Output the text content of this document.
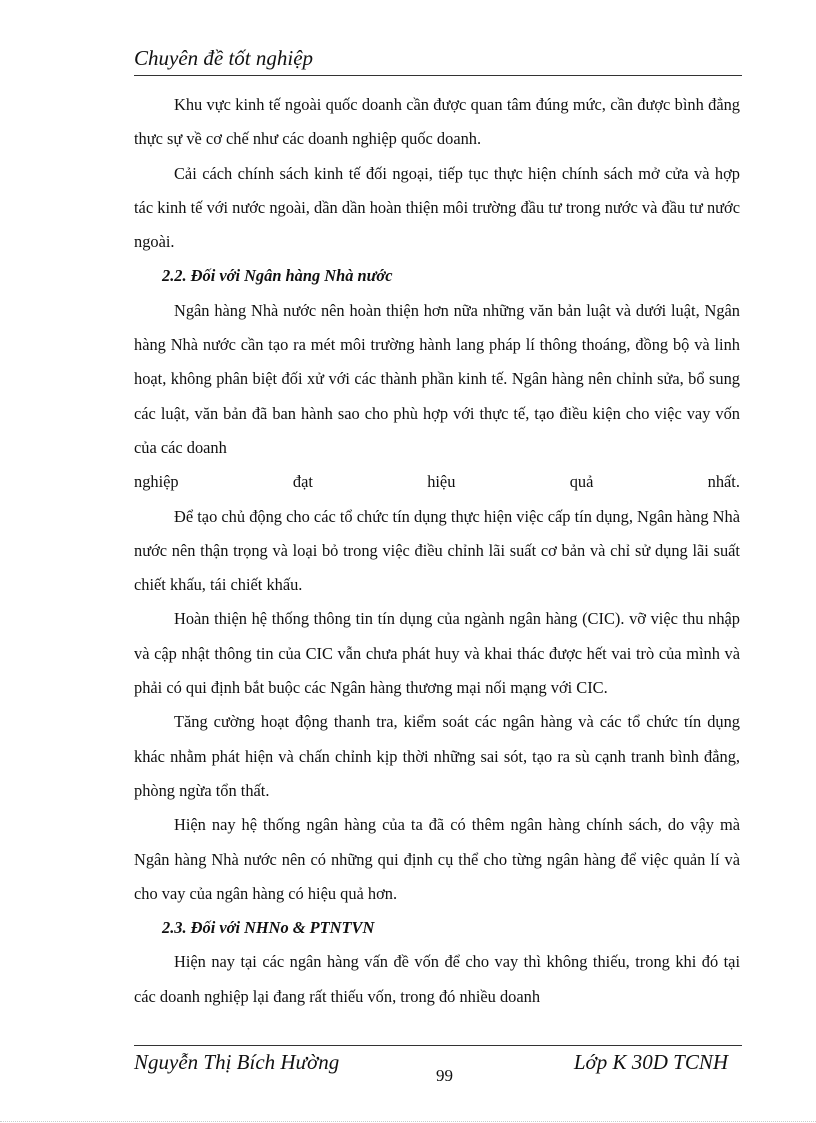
Chuyên đề tốt nghiệp

Khu vực kinh tế ngoài quốc doanh cần được quan tâm đúng mức, cần được bình đẳng thực sự về cơ chế như các doanh nghiệp quốc doanh.

Cải cách chính sách kinh tế đối ngoại, tiếp tục thực hiện chính sách mở cửa và hợp tác kinh tế với nước ngoài, dần dần hoàn thiện môi trường đầu tư trong nước và đầu tư nước ngoài.

2.2. Đối với Ngân hàng Nhà nước

Ngân hàng Nhà nước nên hoàn thiện hơn nữa những văn bản luật và dưới luật, Ngân hàng Nhà nước cần tạo ra mét môi trường hành lang pháp lí thông thoáng, đồng bộ và linh hoạt, không phân biệt đối xử với các thành phần kinh tế. Ngân hàng nên chỉnh sửa, bổ sung các luật, văn bản đã ban hành sao cho phù hợp với thực tế, tạo điều kiện cho việc vay vốn của các doanh

nghiệp	đạt	hiệu	quả	nhất.

Để tạo chủ động cho các tổ chức tín dụng thực hiện việc cấp tín dụng, Ngân hàng Nhà nước nên thận trọng và loại bỏ trong việc điều chỉnh lãi suất cơ bản và chỉ sử dụng lãi suất chiết khấu, tái chiết khấu.

Hoàn thiện hệ thống thông tin tín dụng của ngành ngân hàng (CIC). vỡ việc thu nhập và cập nhật thông tin của CIC vẫn chưa phát huy và khai thác được hết vai trò của mình và phải có qui định bắt buộc các Ngân hàng thương mại nối mạng với CIC.

Tăng cường hoạt động thanh tra, kiểm soát các ngân hàng và các tổ chức tín dụng khác nhằm phát hiện và chấn chỉnh kịp thời những sai sót, tạo ra sù cạnh tranh bình đẳng, phòng ngừa tổn thất.

Hiện nay hệ thống ngân hàng của ta đã có thêm ngân hàng chính sách, do vậy mà Ngân hàng Nhà nước nên có những qui định cụ thể cho từng ngân hàng để việc quản lí và cho vay của ngân hàng có hiệu quả hơn.

2.3. Đối với NHNo & PTNTVN

Hiện nay tại các ngân hàng vấn đề vốn để cho vay thì không thiếu, trong khi đó tại các doanh nghiệp lại đang rất thiếu vốn, trong đó nhiều doanh

Nguyễn Thị Bích Hường
99
Lớp K 30D TCNH
